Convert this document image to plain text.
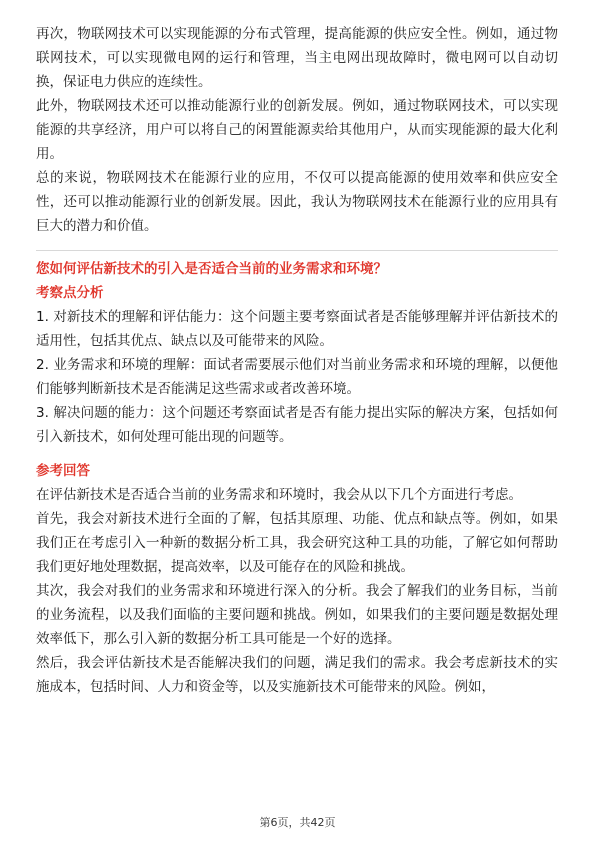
再次，物联网技术可以实现能源的分布式管理，提高能源的供应安全性。例如，通过物联网技术，可以实现微电网的运行和管理，当主电网出现故障时，微电网可以自动切换，保证电力供应的连续性。

此外，物联网技术还可以推动能源行业的创新发展。例如，通过物联网技术，可以实现能源的共享经济，用户可以将自己的闲置能源卖给其他用户，从而实现能源的最大化利用。

总的来说，物联网技术在能源行业的应用，不仅可以提高能源的使用效率和供应安全性，还可以推动能源行业的创新发展。因此，我认为物联网技术在能源行业的应用具有巨大的潜力和价值。

您如何评估新技术的引入是否适合当前的业务需求和环境？

考察点分析

1. 对新技术的理解和评估能力：这个问题主要考察面试者是否能够理解并评估新技术的适用性，包括其优点、缺点以及可能带来的风险。

2. 业务需求和环境的理解：面试者需要展示他们对当前业务需求和环境的理解，以便他们能够判断新技术是否能满足这些需求或者改善环境。

3. 解决问题的能力：这个问题还考察面试者是否有能力提出实际的解决方案，包括如何引入新技术，如何处理可能出现的问题等。

参考回答

在评估新技术是否适合当前的业务需求和环境时，我会从以下几个方面进行考虑。

首先，我会对新技术进行全面的了解，包括其原理、功能、优点和缺点等。例如，如果我们正在考虑引入一种新的数据分析工具，我会研究这种工具的功能，了解它如何帮助我们更好地处理数据，提高效率，以及可能存在的风险和挑战。

其次，我会对我们的业务需求和环境进行深入的分析。我会了解我们的业务目标，当前的业务流程，以及我们面临的主要问题和挑战。例如，如果我们的主要问题是数据处理效率低下，那么引入新的数据分析工具可能是一个好的选择。

然后，我会评估新技术是否能解决我们的问题，满足我们的需求。我会考虑新技术的实施成本，包括时间、人力和资金等，以及实施新技术可能带来的风险。例如，

第6页，共42页
